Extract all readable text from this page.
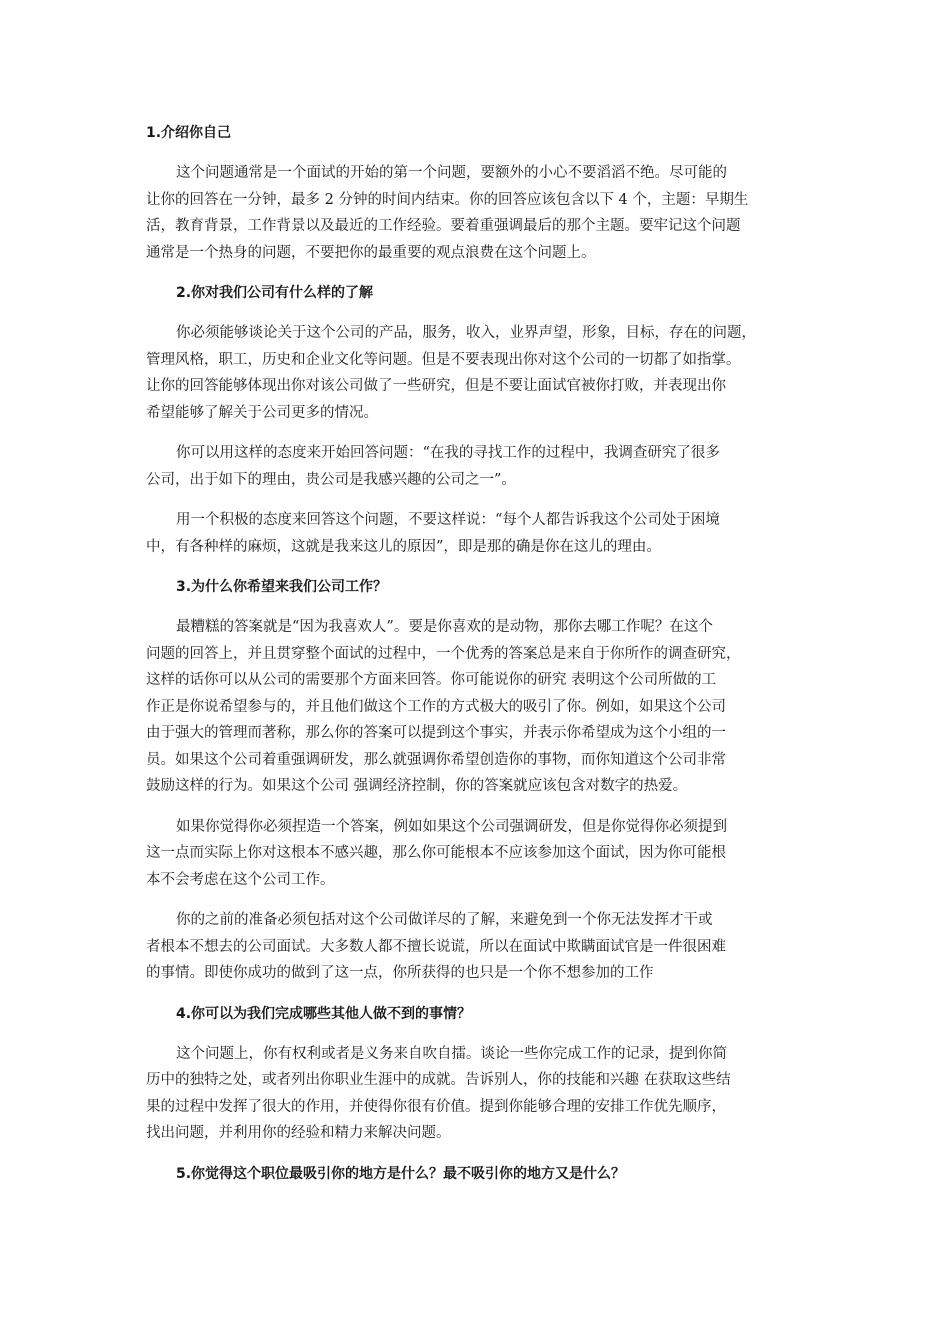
1.介绍你自己
这个问题通常是一个面试的开始的第一个问题，要额外的小心不要滔滔不绝。尽可能的
让你的回答在一分钟，最多 2 分钟的时间内结束。你的回答应该包含以下 4 个，主题：早期生
活，教育背景，工作背景以及最近的工作经验。要着重强调最后的那个主题。要牢记这个问题
通常是一个热身的问题，不要把你的最重要的观点浪费在这个问题上。
2.你对我们公司有什么样的了解
你必须能够谈论关于这个公司的产品，服务，收入，业界声望，形象，目标，存在的问题，
管理风格，职工，历史和企业文化等问题。但是不要表现出你对这个公司的一切都了如指掌。
让你的回答能够体现出你对该公司做了一些研究，但是不要让面试官被你打败，并表现出你
希望能够了解关于公司更多的情况。
你可以用这样的态度来开始回答问题：“在我的寻找工作的过程中，我调查研究了很多
公司，出于如下的理由，贵公司是我感兴趣的公司之一”。
用一个积极的态度来回答这个问题，不要这样说：“每个人都告诉我这个公司处于困境
中，有各种样的麻烦，这就是我来这儿的原因”，即是那的确是你在这儿的理由。
3.为什么你希望来我们公司工作？
最糟糕的答案就是“因为我喜欢人”。要是你喜欢的是动物，那你去哪工作呢？在这个
问题的回答上，并且贯穿整个面试的过程中，一个优秀的答案总是来自于你所作的调查研究，
这样的话你可以从公司的需要那个方面来回答。你可能说你的研究 表明这个公司所做的工
作正是你说希望参与的，并且他们做这个工作的方式极大的吸引了你。例如，如果这个公司
由于强大的管理而著称，那么你的答案可以提到这个事实，并表示你希望成为这个小组的一
员。如果这个公司着重强调研发，那么就强调你希望创造你的事物，而你知道这个公司非常
鼓励这样的行为。如果这个公司 强调经济控制，你的答案就应该包含对数字的热爱。
如果你觉得你必须捏造一个答案，例如如果这个公司强调研发，但是你觉得你必须提到
这一点而实际上你对这根本不感兴趣，那么你可能根本不应该参加这个面试，因为你可能根
本不会考虑在这个公司工作。
你的之前的准备必须包括对这个公司做详尽的了解，来避免到一个你无法发挥才干或
者根本不想去的公司面试。大多数人都不擅长说谎，所以在面试中欺瞒面试官是一件很困难
的事情。即使你成功的做到了这一点，你所获得的也只是一个你不想参加的工作
4.你可以为我们完成哪些其他人做不到的事情？
这个问题上，你有权利或者是义务来自吹自擂。谈论一些你完成工作的记录，提到你简
历中的独特之处，或者列出你职业生涯中的成就。告诉别人，你的技能和兴趣 在获取这些结
果的过程中发挥了很大的作用，并使得你很有价值。提到你能够合理的安排工作优先顺序，
找出问题，并利用你的经验和精力来解决问题。
5.你觉得这个职位最吸引你的地方是什么？最不吸引你的地方又是什么？
